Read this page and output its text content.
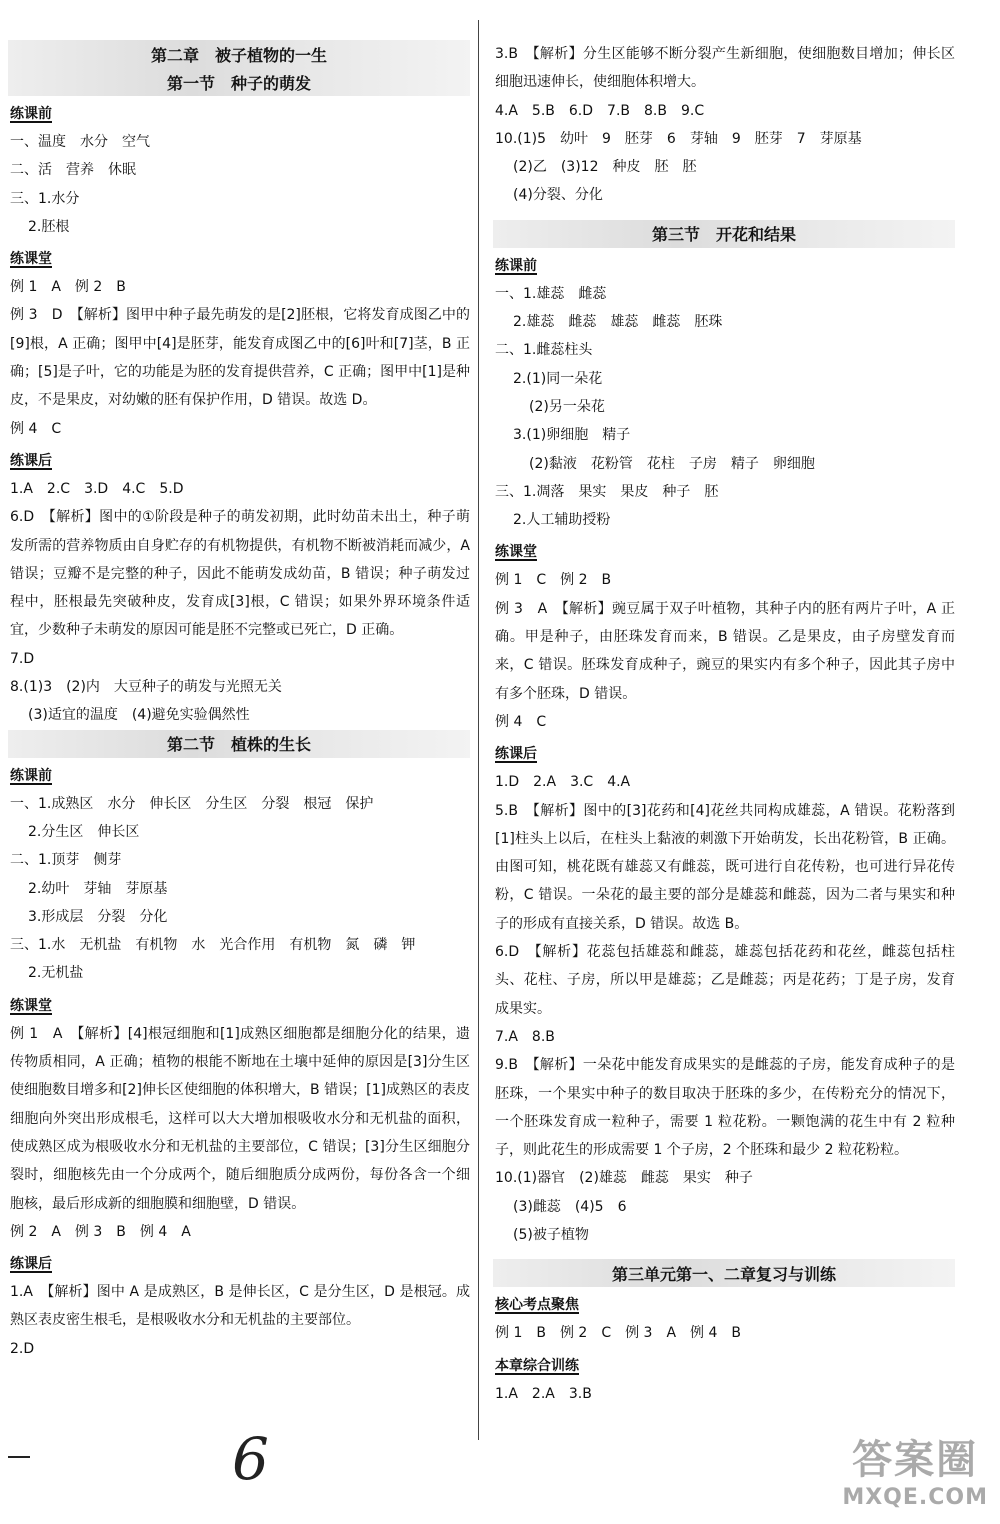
第二章　被子植物的一生
第一节　种子的萌发
练课前
一、温度　水分　空气
二、活　营养　休眠
三、1.水分
2.胚根
练课堂
例 1　A　例 2　B
例 3　D　【解析】图甲中种子最先萌发的是[2]胚根，它将发育成图乙中的[9]根，A 正确；图甲中[4]是胚芽，能发育成图乙中的[6]叶和[7]茎，B 正确；[5]是子叶，它的功能是为胚的发育提供营养，C 正确；图甲中[1]是种皮，不是果皮，对幼嫩的胚有保护作用，D 错误。故选 D。
例 4　C
练课后
1.A　2.C　3.D　4.C　5.D
6.D　【解析】图中的①阶段是种子的萌发初期，此时幼苗未出土，种子萌发所需的营养物质由自身贮存的有机物提供，有机物不断被消耗而减少，A 错误；豆瓣不是完整的种子，因此不能萌发成幼苗，B 错误；种子萌发过程中，胚根最先突破种皮，发育成[3]根，C 错误；如果外界环境条件适宜，少数种子未萌发的原因可能是胚不完整或已死亡，D 正确。
7.D
8.(1)3　(2)内　大豆种子的萌发与光照无关
(3)适宜的温度　(4)避免实验偶然性
第二节　植株的生长
练课前
一、1.成熟区　水分　伸长区　分生区　分裂　根冠　保护
2.分生区　伸长区
二、1.顶芽　侧芽
2.幼叶　芽轴　芽原基
3.形成层　分裂　分化
三、1.水　无机盐　有机物　水　光合作用　有机物　氮　磷　钾
2.无机盐
练课堂
例 1　A　【解析】[4]根冠细胞和[1]成熟区细胞都是细胞分化的结果，遗传物质相同，A 正确；植物的根能不断地在土壤中延伸的原因是[3]分生区使细胞数目增多和[2]伸长区使细胞的体积增大，B 错误；[1]成熟区的表皮细胞向外突出形成根毛，这样可以大大增加根吸收水分和无机盐的面积，使成熟区成为根吸收水分和无机盐的主要部位，C 错误；[3]分生区细胞分裂时，细胞核先由一个分成两个，随后细胞质分成两份，每份各含一个细胞核，最后形成新的细胞膜和细胞壁，D 错误。
例 2　A　例 3　B　例 4　A
练课后
1.A　【解析】图中 A 是成熟区，B 是伸长区，C 是分生区，D 是根冠。成熟区表皮密生根毛，是根吸收水分和无机盐的主要部位。
2.D
3.B　【解析】分生区能够不断分裂产生新细胞，使细胞数目增加；伸长区细胞迅速伸长，使细胞体积增大。
4.A　5.B　6.D　7.B　8.B　9.C
10.(1)5　幼叶　9　胚芽　6　芽轴　9　胚芽　7　芽原基
(2)乙　(3)12　种皮　胚　胚
(4)分裂、分化
第三节　开花和结果
练课前
一、1.雄蕊　雌蕊
2.雄蕊　雌蕊　雄蕊　雌蕊　胚珠
二、1.雌蕊柱头
2.(1)同一朵花
(2)另一朵花
3.(1)卵细胞　精子
(2)黏液　花粉管　花柱　子房　精子　卵细胞
三、1.凋落　果实　果皮　种子　胚
2.人工辅助授粉
练课堂
例 1　C　例 2　B
例 3　A　【解析】豌豆属于双子叶植物，其种子内的胚有两片子叶，A 正确。甲是种子，由胚珠发育而来，B 错误。乙是果皮，由子房壁发育而来，C 错误。胚珠发育成种子，豌豆的果实内有多个种子，因此其子房中有多个胚珠，D 错误。
例 4　C
练课后
1.D　2.A　3.C　4.A
5.B　【解析】图中的[3]花药和[4]花丝共同构成雄蕊，A 错误。花粉落到[1]柱头上以后，在柱头上黏液的刺激下开始萌发，长出花粉管，B 正确。由图可知，桃花既有雄蕊又有雌蕊，既可进行自花传粉，也可进行异花传粉，C 错误。一朵花的最主要的部分是雄蕊和雌蕊，因为二者与果实和种子的形成有直接关系，D 错误。故选 B。
6.D　【解析】花蕊包括雄蕊和雌蕊，雄蕊包括花药和花丝，雌蕊包括柱头、花柱、子房，所以甲是雄蕊；乙是雌蕊；丙是花药；丁是子房，发育成果实。
7.A　8.B
9.B　【解析】一朵花中能发育成果实的是雌蕊的子房，能发育成种子的是胚珠，一个果实中种子的数目取决于胚珠的多少，在传粉充分的情况下，一个胚珠发育成一粒种子，需要 1 粒花粉。一颗饱满的花生中有 2 粒种子，则此花生的形成需要 1 个子房，2 个胚珠和最少 2 粒花粉粒。
10.(1)器官　(2)雄蕊　雌蕊　果实　种子
(3)雌蕊　(4)5　6
(5)被子植物
第三单元第一、二章复习与训练
核心考点聚焦
例 1　B　例 2　C　例 3　A　例 4　B
本章综合训练
1.A　2.A　3.B
6	答案圈
MXQE.COM
